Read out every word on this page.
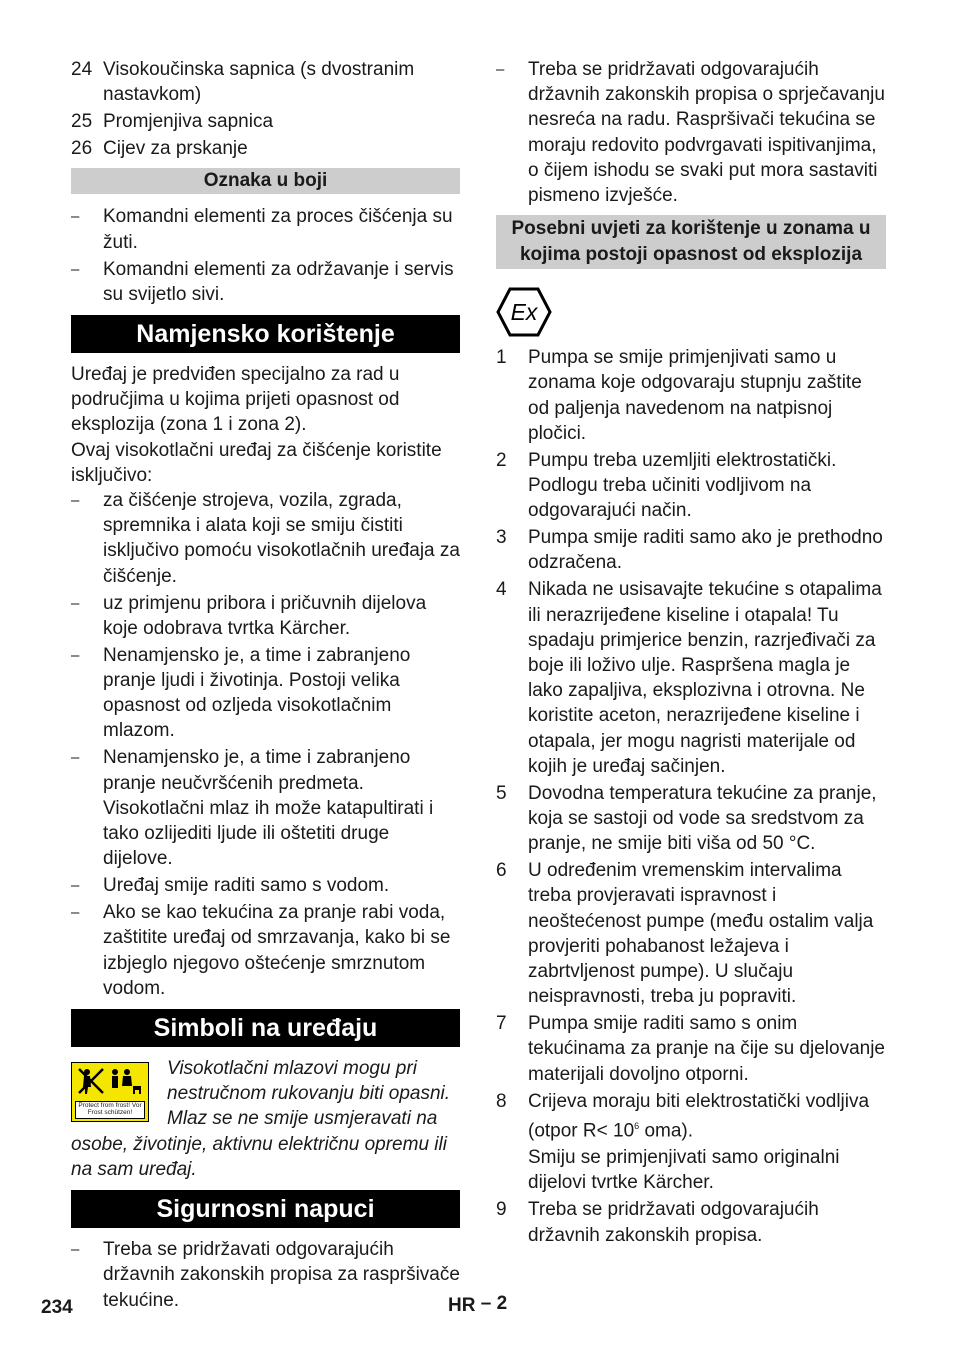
24 Visokoučinska sapnica (s dvostranim nastavkom)
25 Promjenjiva sapnica
26 Cijev za prskanje
Oznaka u boji
–	Komandni elementi za proces čišćenja su žuti.
–	Komandni elementi za održavanje i servis su svijetlo sivi.
Namjensko korištenje

Uređaj je predviđen specijalno za rad u područjima u kojima prijeti opasnost od eksplozija (zona 1 i zona 2).

Ovaj visokotlačni uređaj za čišćenje koristite isključivo:

–	za čišćenje strojeva, vozila, zgrada, spremnika i alata koji se smiju čistiti isključivo pomoću visokotlačnih uređaja za čišćenje.
–	uz primjenu pribora i pričuvnih dijelova koje odobrava tvrtka Kärcher.
–	Nenamjensko je, a time i zabranjeno pranje ljudi i životinja. Postoji velika opasnost od ozljeda visokotlačnim mlazom.
–	Nenamjensko je, a time i zabranjeno pranje neučvršćenih predmeta. Visokotlačni mlaz ih može katapultirati i tako ozlijediti ljude ili oštetiti druge dijelove.
–	Uređaj smije raditi samo s vodom.
–	Ako se kao tekućina za pranje rabi voda, zaštitite uređaj od smrzavanja, kako bi se izbjeglo njegovo oštećenje smrznutom vodom.
Simboli na uređaju
Protect from frost! Vor Frost schützen!

Visokotlačni mlazovi mogu pri nestručnom rukovanju biti opasni. Mlaz se ne smije usmjeravati na osobe, životinje, aktivnu električnu opremu ili na sam uređaj.

Sigurnosni napuci
–	Treba se pridržavati odgovarajućih državnih zakonskih propisa za raspršivače tekućine.
–	Treba se pridržavati odgovarajućih državnih zakonskih propisa o sprječavanju nesreća na radu. Raspršivači tekućina se moraju redovito podvrgavati ispitivanjima, o čijem ishodu se svaki put mora sastaviti pismeno izvješće.
Posebni uvjeti za korištenje u zonama u kojima postoji opasnost od eksplozija
Ex
1	Pumpa se smije primjenjivati samo u zonama koje odgovaraju stupnju zaštite od paljenja navedenom na natpisnoj pločici.
2	Pumpu treba uzemljiti elektrostatički. Podlogu treba učiniti vodljivom na odgovarajući način.
3	Pumpa smije raditi samo ako je prethodno odzračena.
4	Nikada ne usisavajte tekućine s otapalima ili nerazrijeđene kiseline i otapala! Tu spadaju primjerice benzin, razrjeđivači za boje ili loživo ulje. Raspršena magla je lako zapaljiva, eksplozivna i otrovna. Ne koristite aceton, nerazrijeđene kiseline i otapala, jer mogu nagristi materijale od kojih je uređaj sačinjen.
5	Dovodna temperatura tekućine za pranje, koja se sastoji od vode sa sredstvom za pranje, ne smije biti viša od 50 °C.
6	U određenim vremenskim intervalima treba provjeravati ispravnost i neoštećenost pumpe (među ostalim valja provjeriti pohabanost ležajeva i zabrtvljenost pumpe). U slučaju neispravnosti, treba ju popraviti.
7	Pumpa smije raditi samo s onim tekućinama za pranje na čije su djelovanje materijali dovoljno otporni.
8	Crijeva moraju biti elektrostatički vodljiva (otpor $R< 10^6$ oma).
Smiju se primjenjivati samo originalni dijelovi tvrtke Kärcher.
9	Treba se pridržavati odgovarajućih državnih zakonskih propisa.
234	HR – 2
